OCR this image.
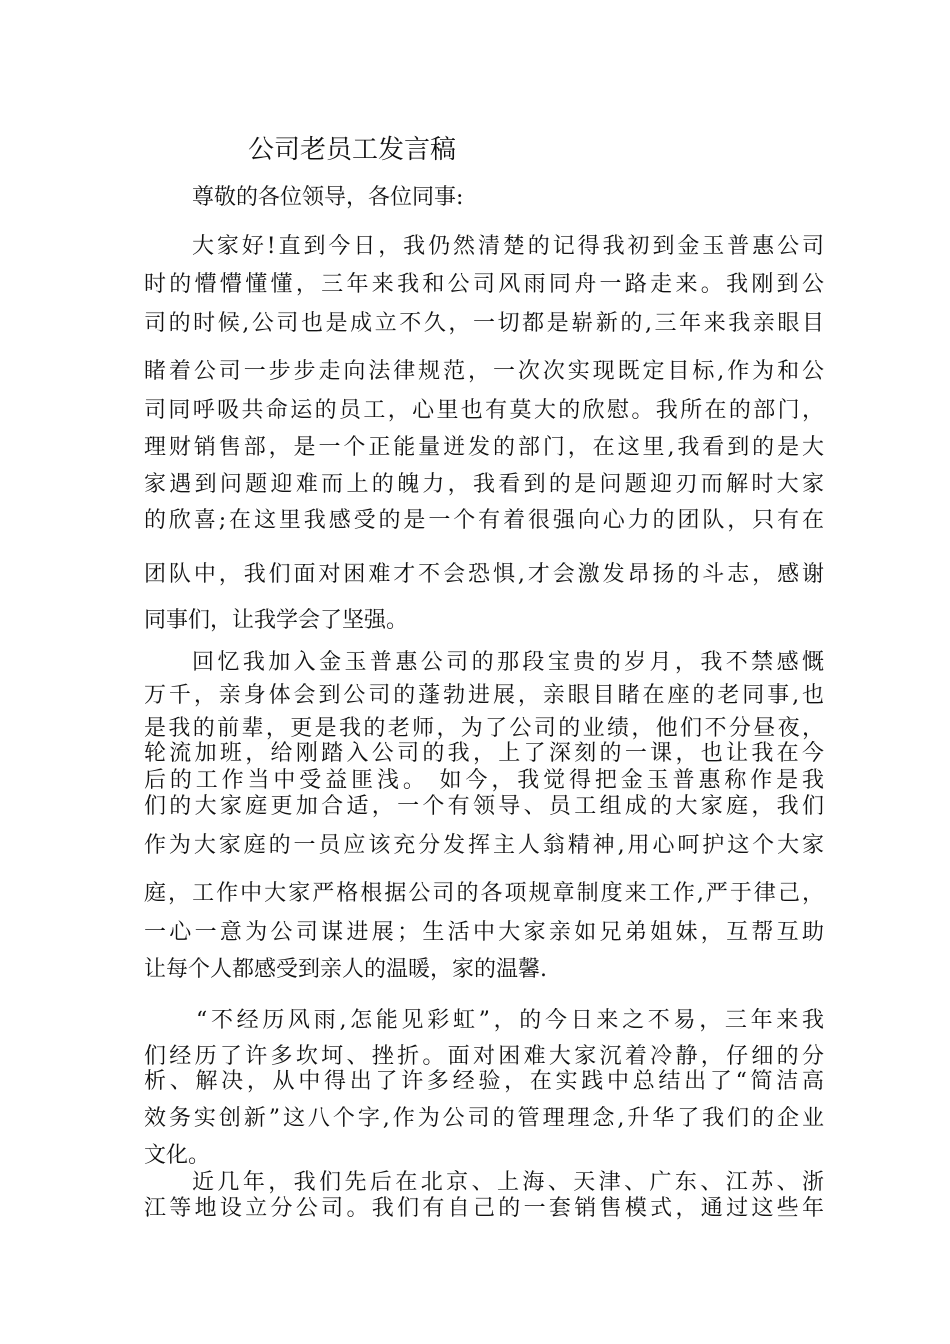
公司老员工发言稿
尊敬的各位领导，各位同事:
大家好!直到今日，我仍然清楚的记得我初到金玉普惠公司
时的懵懵懂懂，三年来我和公司风雨同舟一路走来。我刚到公
司的时候,公司也是成立不久，一切都是崭新的,三年来我亲眼目
睹着公司一步步走向法律规范，一次次实现既定目标,作为和公
司同呼吸共命运的员工，心里也有莫大的欣慰。我所在的部门，
理财销售部，是一个正能量迸发的部门，在这里,我看到的是大
家遇到问题迎难而上的魄力，我看到的是问题迎刃而解时大家
的欣喜;在这里我感受的是一个有着很强向心力的团队，只有在
团队中，我们面对困难才不会恐惧,才会激发昂扬的斗志，感谢
同事们，让我学会了坚强。
回忆我加入金玉普惠公司的那段宝贵的岁月，我不禁感慨
万千，亲身体会到公司的蓬勃进展，亲眼目睹在座的老同事,也
是我的前辈，更是我的老师，为了公司的业绩，他们不分昼夜，
轮流加班，给刚踏入公司的我，上了深刻的一课，也让我在今
后的工作当中受益匪浅。 如今，我觉得把金玉普惠称作是我
们的大家庭更加合适，一个有领导、员工组成的大家庭，我们
作为大家庭的一员应该充分发挥主人翁精神,用心呵护这个大家
庭，工作中大家严格根据公司的各项规章制度来工作,严于律己，
一心一意为公司谋进展；生活中大家亲如兄弟姐妹，互帮互助
让每个人都感受到亲人的温暖，家的温馨.
“不经历风雨,怎能见彩虹”，的今日来之不易，三年来我
们经历了许多坎坷、挫折。面对困难大家沉着冷静，仔细的分
析、解决，从中得出了许多经验，在实践中总结出了“简洁高
效务实创新”这八个字,作为公司的管理理念,升华了我们的企业
文化。
近几年，我们先后在北京、上海、天津、广东、江苏、浙
江等地设立分公司。我们有自己的一套销售模式，通过这些年
